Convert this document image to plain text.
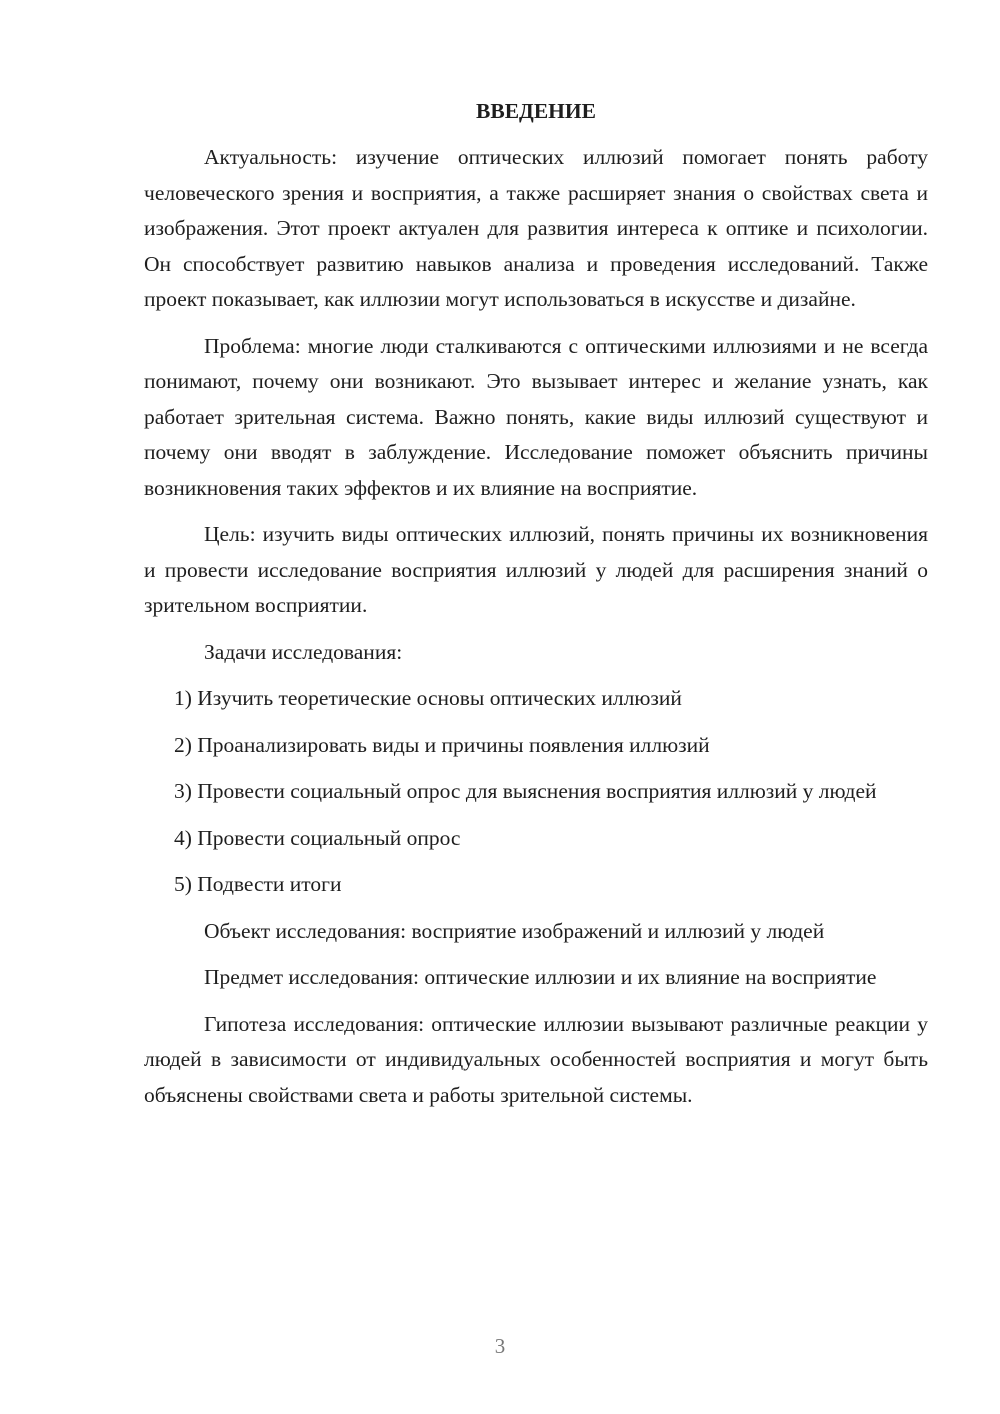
ВВЕДЕНИЕ

Актуальность: изучение оптических иллюзий помогает понять работу человеческого зрения и восприятия, а также расширяет знания о свойствах света и изображения. Этот проект актуален для развития интереса к оптике и психологии. Он способствует развитию навыков анализа и проведения исследований. Также проект показывает, как иллюзии могут использоваться в искусстве и дизайне.

Проблема: многие люди сталкиваются с оптическими иллюзиями и не всегда понимают, почему они возникают. Это вызывает интерес и желание узнать, как работает зрительная система. Важно понять, какие виды иллюзий существуют и почему они вводят в заблуждение. Исследование поможет объяснить причины возникновения таких эффектов и их влияние на восприятие.

Цель: изучить виды оптических иллюзий, понять причины их возникновения и провести исследование восприятия иллюзий у людей для расширения знаний о зрительном восприятии.

Задачи исследования:

1) Изучить теоретические основы оптических иллюзий

2) Проанализировать виды и причины появления иллюзий

3) Провести социальный опрос для выяснения восприятия иллюзий у людей

4) Провести социальный опрос

5) Подвести итоги

Объект исследования: восприятие изображений и иллюзий у людей

Предмет исследования: оптические иллюзии и их влияние на восприятие

Гипотеза исследования: оптические иллюзии вызывают различные реакции у людей в зависимости от индивидуальных особенностей восприятия и могут быть объяснены свойствами света и работы зрительной системы.

3
